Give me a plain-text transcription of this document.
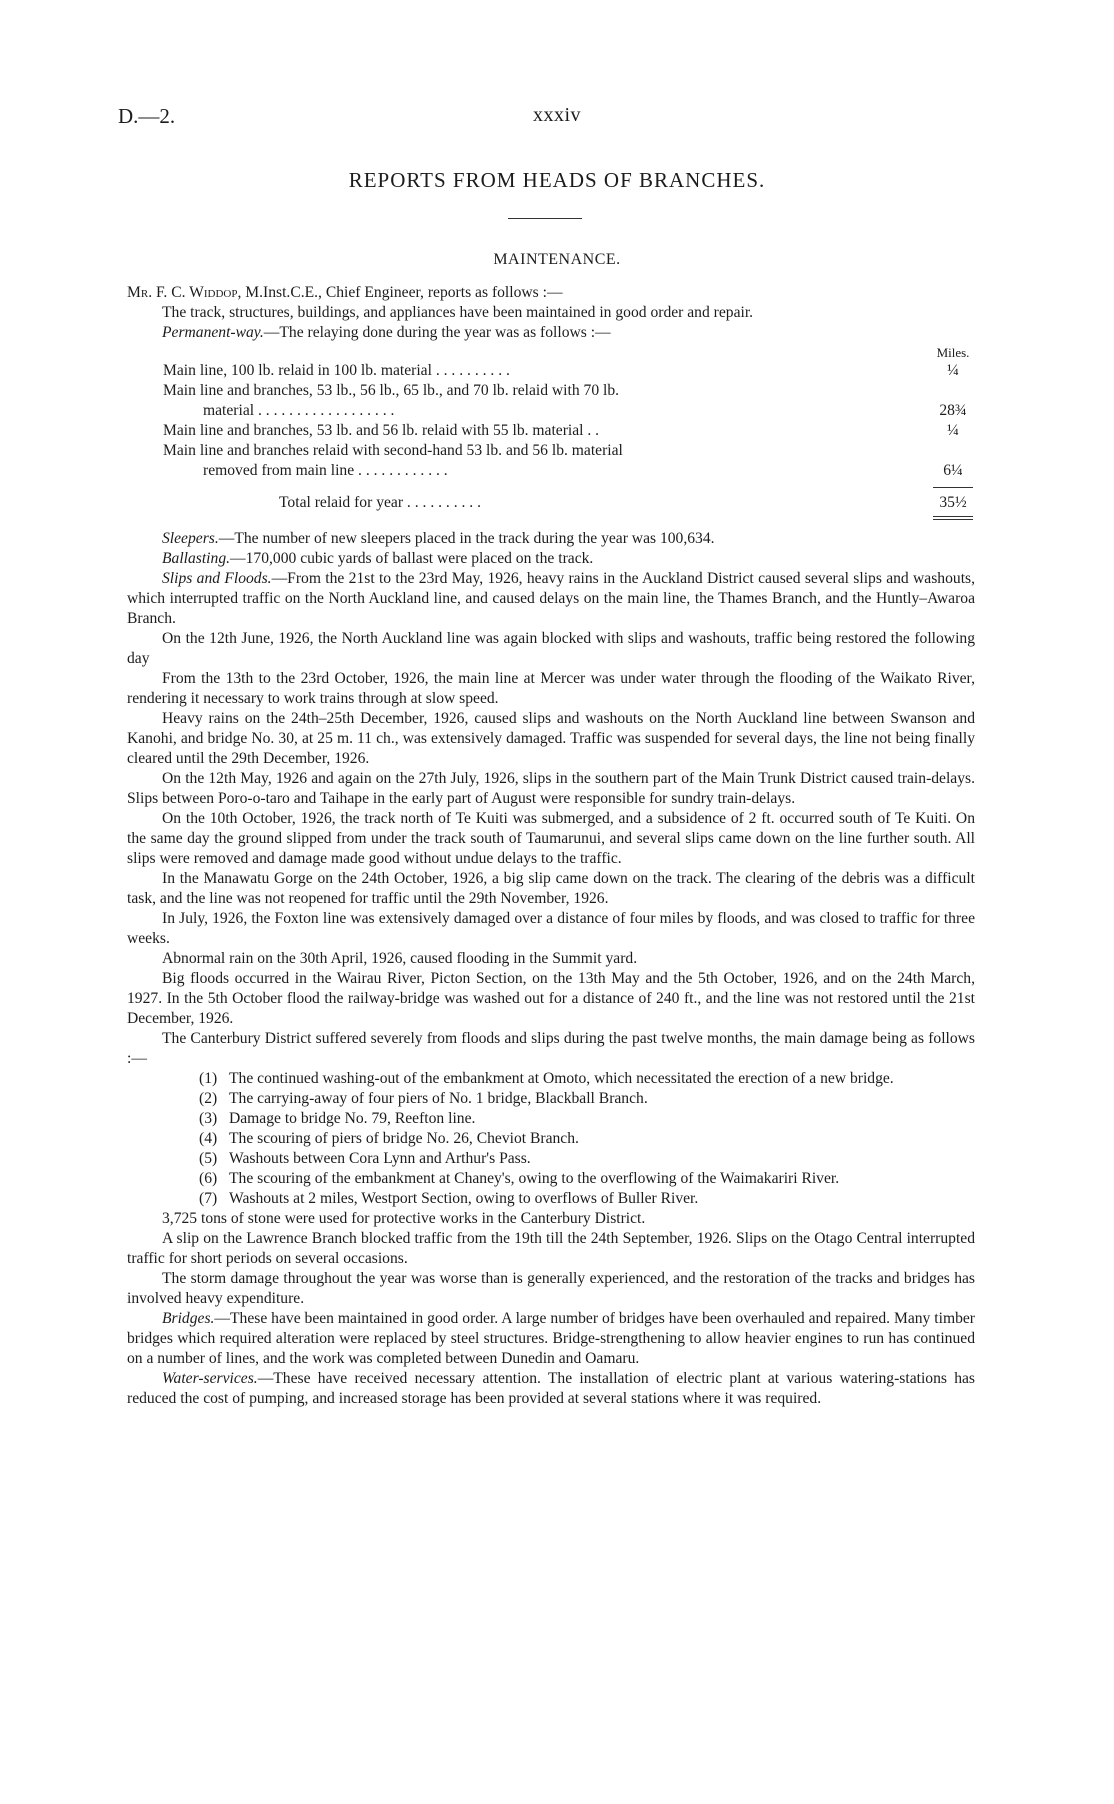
D.—2.	xxxiv
REPORTS FROM HEADS OF BRANCHES.
MAINTENANCE.

Mr. F. C. Widdop, M.Inst.C.E., Chief Engineer, reports as follows :—

The track, structures, buildings, and appliances have been maintained in good order and repair.

Permanent-way.—The relaying done during the year was as follows :—

Miles.
Main line, 100 lb. relaid in 100 lb. material . . . . . . . . . .	¼
Main line and branches, 53 lb., 56 lb., 65 lb., and 70 lb. relaid with 70 lb.
material . . . . . . . . . . . . . . . . . .	28¾
Main line and branches, 53 lb. and 56 lb. relaid with 55 lb. material . .	¼
Main line and branches relaid with second-hand 53 lb. and 56 lb. material
removed from main line . . . . . . . . . . . .	6¼
Total relaid for year . . . . . . . . . .	35½

Sleepers.—The number of new sleepers placed in the track during the year was 100,634.

Ballasting.—170,000 cubic yards of ballast were placed on the track.

Slips and Floods.—From the 21st to the 23rd May, 1926, heavy rains in the Auckland District caused several slips and washouts, which interrupted traffic on the North Auckland line, and caused delays on the main line, the Thames Branch, and the Huntly–Awaroa Branch.

On the 12th June, 1926, the North Auckland line was again blocked with slips and washouts, traffic being restored the following day

From the 13th to the 23rd October, 1926, the main line at Mercer was under water through the flooding of the Waikato River, rendering it necessary to work trains through at slow speed.

Heavy rains on the 24th–25th December, 1926, caused slips and washouts on the North Auckland line between Swanson and Kanohi, and bridge No. 30, at 25 m. 11 ch., was extensively damaged. Traffic was suspended for several days, the line not being finally cleared until the 29th December, 1926.

On the 12th May, 1926 and again on the 27th July, 1926, slips in the southern part of the Main Trunk District caused train-delays. Slips between Poro-o-taro and Taihape in the early part of August were responsible for sundry train-delays.

On the 10th October, 1926, the track north of Te Kuiti was submerged, and a subsidence of 2 ft. occurred south of Te Kuiti. On the same day the ground slipped from under the track south of Taumarunui, and several slips came down on the line further south. All slips were removed and damage made good without undue delays to the traffic.

In the Manawatu Gorge on the 24th October, 1926, a big slip came down on the track. The clearing of the debris was a difficult task, and the line was not reopened for traffic until the 29th November, 1926.

In July, 1926, the Foxton line was extensively damaged over a distance of four miles by floods, and was closed to traffic for three weeks.

Abnormal rain on the 30th April, 1926, caused flooding in the Summit yard.

Big floods occurred in the Wairau River, Picton Section, on the 13th May and the 5th October, 1926, and on the 24th March, 1927. In the 5th October flood the railway-bridge was washed out for a distance of 240 ft., and the line was not restored until the 21st December, 1926.

The Canterbury District suffered severely from floods and slips during the past twelve months, the main damage being as follows :—

(1) The continued washing-out of the embankment at Omoto, which necessitated the erection of a new bridge.
(2) The carrying-away of four piers of No. 1 bridge, Blackball Branch.
(3) Damage to bridge No. 79, Reefton line.
(4) The scouring of piers of bridge No. 26, Cheviot Branch.
(5) Washouts between Cora Lynn and Arthur's Pass.
(6) The scouring of the embankment at Chaney's, owing to the overflowing of the Waimakariri River.
(7) Washouts at 2 miles, Westport Section, owing to overflows of Buller River.

3,725 tons of stone were used for protective works in the Canterbury District.

A slip on the Lawrence Branch blocked traffic from the 19th till the 24th September, 1926. Slips on the Otago Central interrupted traffic for short periods on several occasions.

The storm damage throughout the year was worse than is generally experienced, and the restoration of the tracks and bridges has involved heavy expenditure.

Bridges.—These have been maintained in good order. A large number of bridges have been overhauled and repaired. Many timber bridges which required alteration were replaced by steel structures. Bridge-strengthening to allow heavier engines to run has continued on a number of lines, and the work was completed between Dunedin and Oamaru.

Water-services.—These have received necessary attention. The installation of electric plant at various watering-stations has reduced the cost of pumping, and increased storage has been provided at several stations where it was required.
